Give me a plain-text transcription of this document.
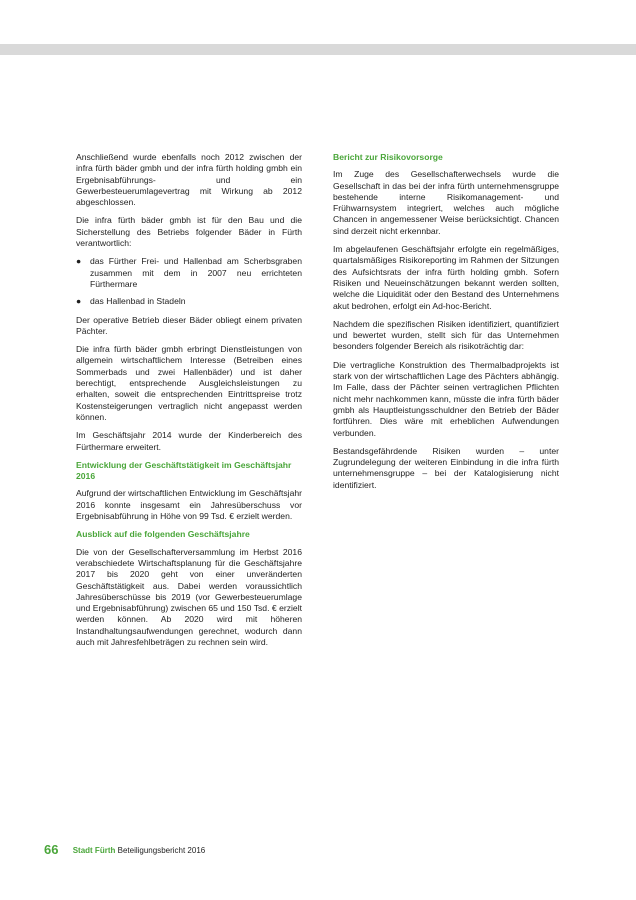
Anschließend wurde ebenfalls noch 2012 zwischen der infra fürth bäder gmbh und der infra fürth holding gmbh ein Ergebnisabführungs- und ein Gewerbesteuerumlagevertrag mit Wirkung ab 2012 abgeschlossen.

Die infra fürth bäder gmbh ist für den Bau und die Sicherstellung des Betriebs folgender Bäder in Fürth verantwortlich:

● das Fürther Frei- und Hallenbad am Scherbsgraben zusammen mit dem in 2007 neu errichteten Fürthermare
● das Hallenbad in Stadeln

Der operative Betrieb dieser Bäder obliegt einem privaten Pächter.

Die infra fürth bäder gmbh erbringt Dienstleistungen von allgemein wirtschaftlichem Interesse (Betreiben eines Sommerbads und zwei Hallenbäder) und ist daher berechtigt, entsprechende Ausgleichsleistungen zu erhalten, soweit die entsprechenden Eintrittspreise trotz Kostensteigerungen vertraglich nicht angepasst werden können.

Im Geschäftsjahr 2014 wurde der Kinderbereich des Fürthermare erweitert.

Entwicklung der Geschäftstätigkeit im Geschäftsjahr 2016

Aufgrund der wirtschaftlichen Entwicklung im Geschäftsjahr 2016 konnte insgesamt ein Jahresüberschuss vor Ergebnisabführung in Höhe von 99 Tsd. € erzielt werden.

Ausblick auf die folgenden Geschäftsjahre

Die von der Gesellschafterversammlung im Herbst 2016 verabschiedete Wirtschaftsplanung für die Geschäftsjahre 2017 bis 2020 geht von einer unveränderten Geschäftstätigkeit aus. Dabei werden voraussichtlich Jahresüberschüsse bis 2019 (vor Gewerbesteuerumlage und Ergebnisabführung) zwischen 65 und 150 Tsd. € erzielt werden können. Ab 2020 wird mit höheren Instandhaltungsaufwendungen gerechnet, wodurch dann auch mit Jahresfehlbeträgen zu rechnen sein wird.

Bericht zur Risikovorsorge

Im Zuge des Gesellschafterwechsels wurde die Gesellschaft in das bei der infra fürth unternehmensgruppe bestehende interne Risikomanagement- und Frühwarnsystem integriert, welches auch mögliche Chancen in angemessener Weise berücksichtigt. Chancen sind derzeit nicht erkennbar.

Im abgelaufenen Geschäftsjahr erfolgte ein regelmäßiges, quartalsmäßiges Risikoreporting im Rahmen der Sitzungen des Aufsichtsrats der infra fürth holding gmbh. Sofern Risiken und Neueinschätzungen bekannt werden sollten, welche die Liquidität oder den Bestand des Unternehmens akut bedrohen, erfolgt ein Ad-hoc-Bericht.

Nachdem die spezifischen Risiken identifiziert, quantifiziert und bewertet wurden, stellt sich für das Unternehmen besonders folgender Bereich als risikoträchtig dar:

Die vertragliche Konstruktion des Thermalbadprojekts ist stark von der wirtschaftlichen Lage des Pächters abhängig. Im Falle, dass der Pächter seinen vertraglichen Pflichten nicht mehr nachkommen kann, müsste die infra fürth bäder gmbh als Hauptleistungsschuldner den Betrieb der Bäder fortführen. Dies wäre mit erheblichen Aufwendungen verbunden.

Bestandsgefährdende Risiken wurden – unter Zugrundelegung der weiteren Einbindung in die infra fürth unternehmensgruppe – bei der Katalogisierung nicht identifiziert.

66 Stadt Fürth Beteiligungsbericht 2016
